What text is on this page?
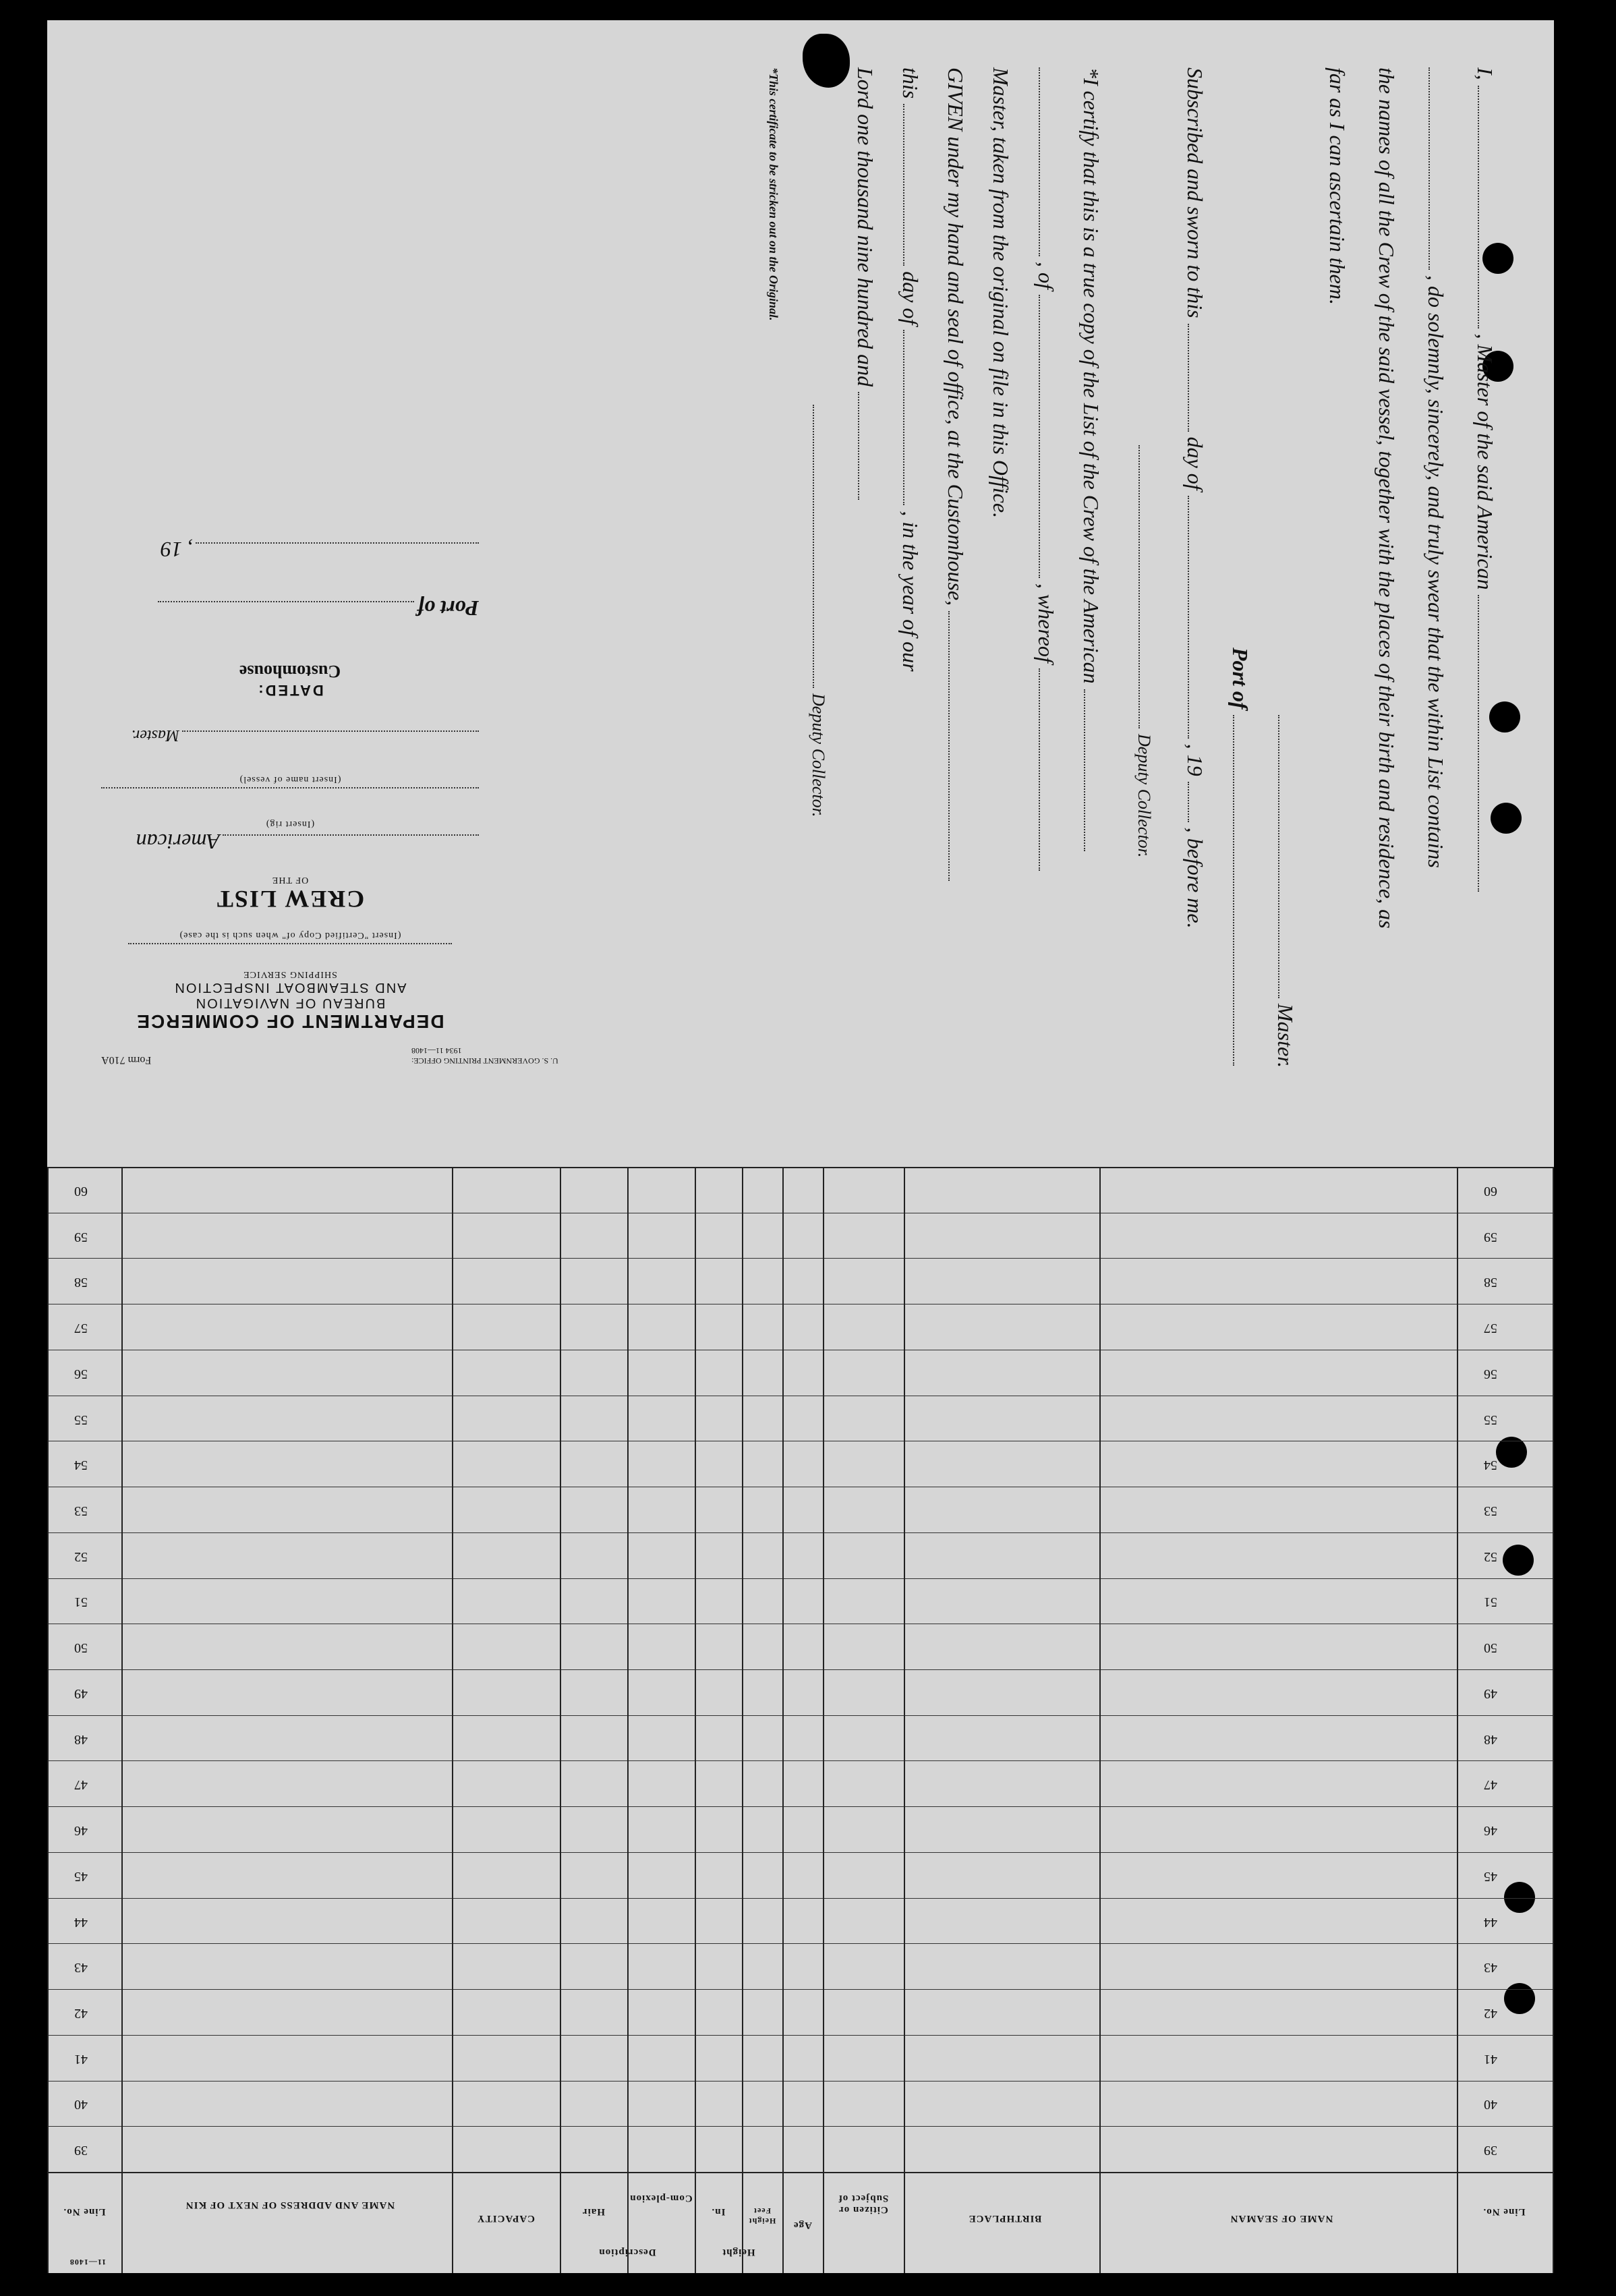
I,  , Master of the said American
, do solemnly, sincerely, and truly swear that the within List contains
the names of all the Crew of the said vessel, together with the places of their birth and residence, as
far as I can ascertain them.
Master.
Port of
Subscribed and sworn to this  day of  , 19  , before me.
Deputy Collector.
*I certify that this is a true copy of the List of the Crew of the American
, of  , whereof
Master, taken from the original on file in this Office.
GIVEN under my hand and seal of office, at the Customhouse,
this  day of  , in the year of our
Lord one thousand nine hundred and
Deputy Collector.
*This certificate to be stricken out on the Original.
U. S. GOVERNMENT PRINTING OFFICE: 1934 11—1408
Form 710A
DEPARTMENT OF COMMERCE
BUREAU OF NAVIGATION
AND STEAMBOAT INSPECTION
SHIPPING SERVICE
(Insert "Certified Copy of" when such is the case)
CREW LIST
OF THE
American
(Insert rig)
(Insert name of vessel)
Master.
DATED:
Customhouse
Port of
, 19
60
60
59
59
58
58
57
57
56
56
55
55
54
54
53
53
52
52
51
51
50
50
49
49
48
48
47
47
46
46
45
45
44
44
43
43
42
42
41
41
40
40
39
39
Line No.
NAME OF SEAMAN
BIRTHPLACE
Citizen or Subject of
Age
Height
Height Feet
In.
Description
Com-plexion
Hair
CAPACITY
NAME AND ADDRESS OF NEXT OF KIN
Line No.
11—1408
